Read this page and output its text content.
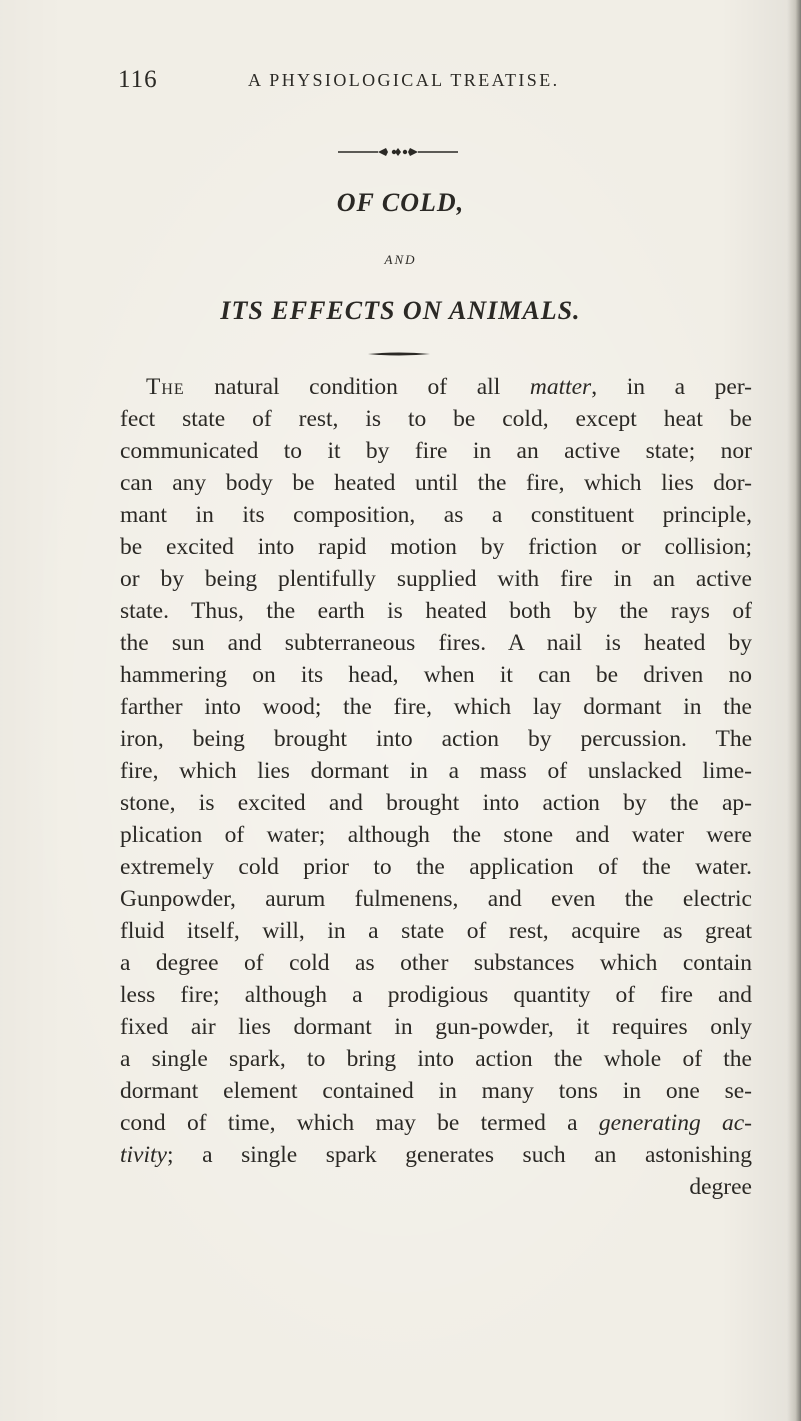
116	A PHYSIOLOGICAL TREATISE.
OF COLD,
AND
ITS EFFECTS ON ANIMALS.
The natural condition of all matter, in a per-
fect state of rest, is to be cold, except heat be
communicated to it by fire in an active state; nor
can any body be heated until the fire, which lies dor-
mant in its composition, as a constituent principle,
be excited into rapid motion by friction or collision;
or by being plentifully supplied with fire in an active
state. Thus, the earth is heated both by the rays of
the sun and subterraneous fires. A nail is heated by
hammering on its head, when it can be driven no
farther into wood; the fire, which lay dormant in the
iron, being brought into action by percussion. The
fire, which lies dormant in a mass of unslacked lime-
stone, is excited and brought into action by the ap-
plication of water; although the stone and water were
extremely cold prior to the application of the water.
Gunpowder, aurum fulmenens, and even the electric
fluid itself, will, in a state of rest, acquire as great
a degree of cold as other substances which contain
less fire; although a prodigious quantity of fire and
fixed air lies dormant in gun-powder, it requires only
a single spark, to bring into action the whole of the
dormant element contained in many tons in one se-
cond of time, which may be termed a generating ac-
tivity; a single spark generates such an astonishing
degree
